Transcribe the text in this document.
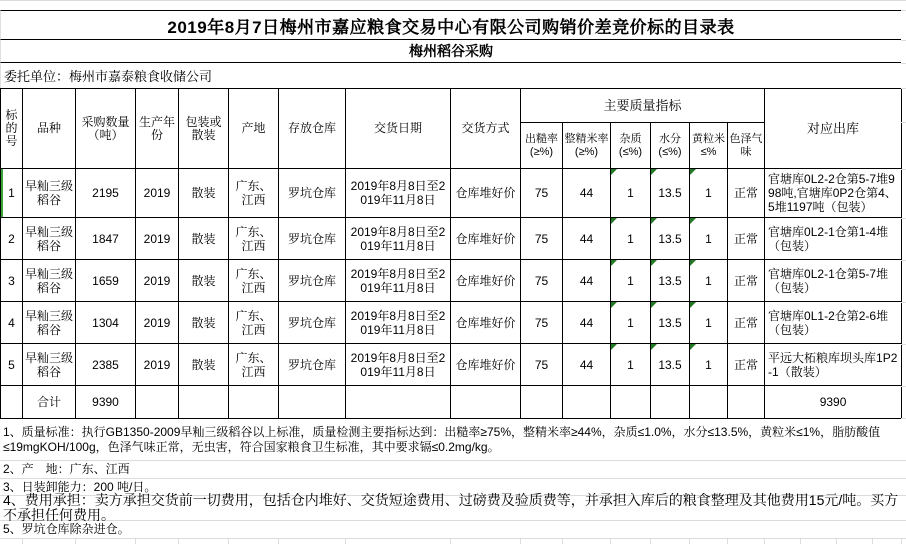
2019年8月7日梅州市嘉应粮食交易中心有限公司购销价差竞价标的目录表
梅州稻谷采购
委托单位：梅州市嘉泰粮食收储公司
标的号	品种	采购数量（吨）	生产年份	包装或散装	产地	存放仓库	交货日期	交货方式	主要质量指标						对应出库
									出糙率(≥%)	整精米率(≥%)	杂质(≤%)	水分(≤%)	黄粒米≤%	色泽气味	
1	早籼三级稻谷	2195	2019	散装	广东、江西	罗坑仓库	2019年8月8日至2019年11月8日	仓库堆好价	75	44	1	13.5	1	正常	官塘库0L2-2仓第5-7堆998吨,官塘库0P2仓第4、5堆1197吨（包装）
2	早籼三级稻谷	1847	2019	散装	广东、江西	罗坑仓库	2019年8月8日至2019年11月8日	仓库堆好价	75	44	1	13.5	1	正常	官塘库0L2-1仓第1-4堆（包装）
3	早籼三级稻谷	1659	2019	散装	广东、江西	罗坑仓库	2019年8月8日至2019年11月8日	仓库堆好价	75	44	1	13.5	1	正常	官塘库0L2-1仓第5-7堆（包装）
4	早籼三级稻谷	1304	2019	散装	广东、江西	罗坑仓库	2019年8月8日至2019年11月8日	仓库堆好价	75	44	1	13.5	1	正常	官塘库0L1-2仓第2-6堆（包装）
5	早籼三级稻谷	2385	2019	散装	广东、江西	罗坑仓库	2019年8月8日至2019年11月8日	仓库堆好价	75	44	1	13.5	1	正常	平远大柘粮库坝头库1P2-1（散装）
	合计	9390													9390
1、质量标准：执行GB1350-2009早籼三级稻谷以上标准，质量检测主要指标达到：出糙率≥75%，整精米率≥44%，杂质≤1.0%，水分≤13.5%，黄粒米≤1%，脂肪酸值≤19mgKOH/100g，色泽气味正常，无虫害，符合国家粮食卫生标准，其中要求镉≤0.2mg/kg。
2、产　地：广东、江西
3、日装卸能力：200 吨/日。
4、费用承担：卖方承担交货前一切费用，包括仓内堆好、交货短途费用、过磅费及验质费等，并承担入库后的粮食整理及其他费用15元/吨。买方不承担任何费用。
5、罗坑仓库除杂进仓。
